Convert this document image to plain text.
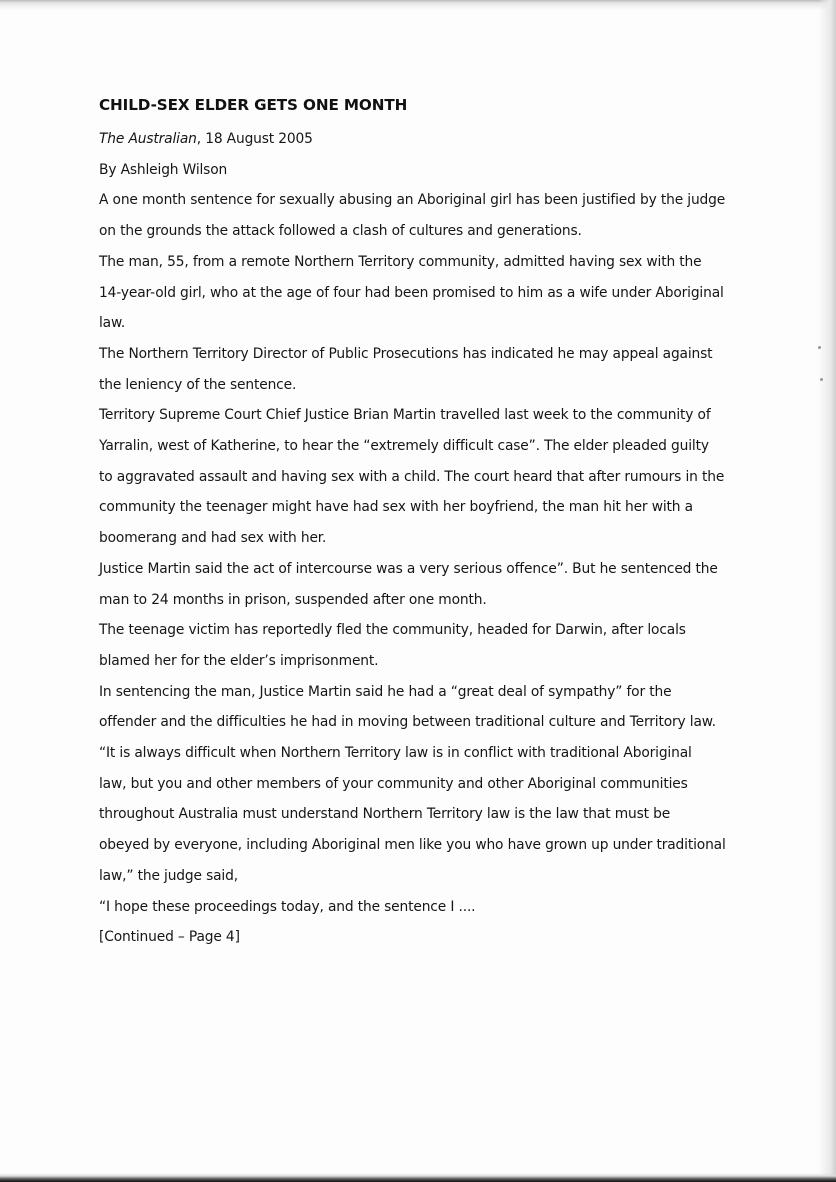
CHILD-SEX ELDER GETS ONE MONTH

The Australian, 18 August 2005

By Ashleigh Wilson

A one month sentence for sexually abusing an Aboriginal girl has been justified by the judge

on the grounds the attack followed a clash of cultures and generations.

The man, 55, from a remote Northern Territory community, admitted having sex with the

14-year-old girl, who at the age of four had been promised to him as a wife under Aboriginal

law.

The Northern Territory Director of Public Prosecutions has indicated he may appeal against

the leniency of the sentence.

Territory Supreme Court Chief Justice Brian Martin travelled last week to the community of

Yarralin, west of Katherine, to hear the “extremely difficult case”. The elder pleaded guilty

to aggravated assault and having sex with a child. The court heard that after rumours in the

community the teenager might have had sex with her boyfriend, the man hit her with a

boomerang and had sex with her.

Justice Martin said the act of intercourse was a very serious offence”. But he sentenced the

man to 24 months in prison, suspended after one month.

The teenage victim has reportedly fled the community, headed for Darwin, after locals

blamed her for the elder’s imprisonment.

In sentencing the man, Justice Martin said he had a “great deal of sympathy” for the

offender and the difficulties he had in moving between traditional culture and Territory law.

“It is always difficult when Northern Territory law is in conflict with traditional Aboriginal

law, but you and other members of your community and other Aboriginal communities

throughout Australia must understand Northern Territory law is the law that must be

obeyed by everyone, including Aboriginal men like you who have grown up under traditional

law,” the judge said,

“I hope these proceedings today, and the sentence I ....

[Continued – Page 4]
